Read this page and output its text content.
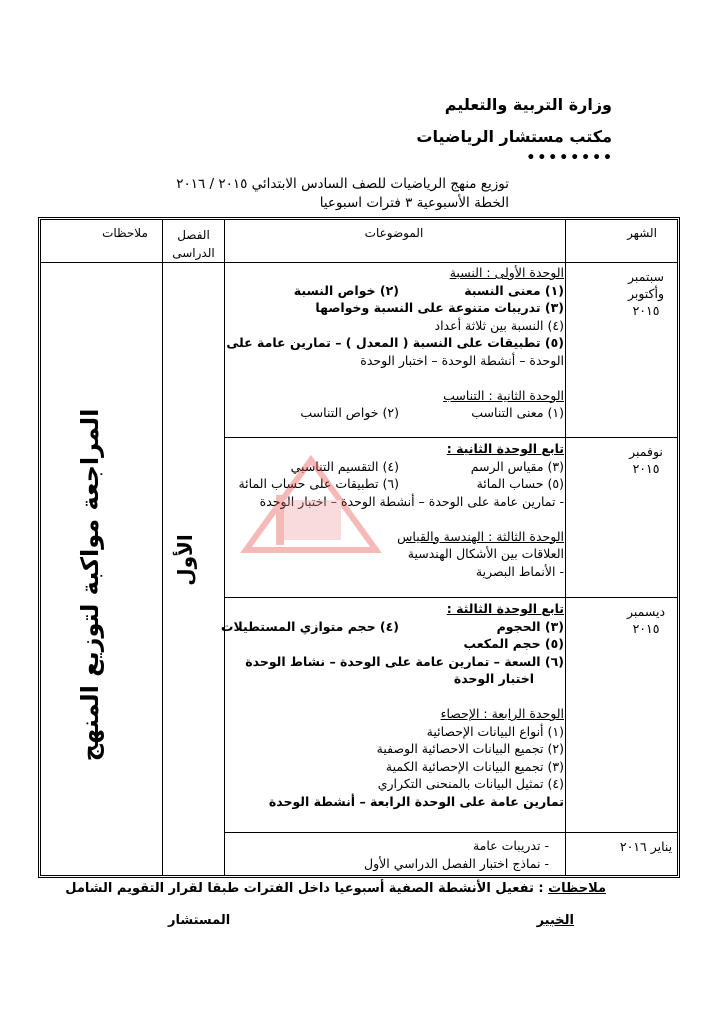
وزارة التربية والتعليم
مكتب مستشار الرياضيات
••••••••
توزيع منهج الرياضيات للصف السادس الابتدائي ٢٠١٥ / ٢٠١٦
الخطة الأسبوعية ٣ فترات اسبوعيا
الشهر
الموضوعات
الفصل الدراسى
ملاحظات
سبتمبر وأكتوبر ٢٠١٥
نوفمبر ٢٠١٥
ديسمبر ٢٠١٥
يناير ٢٠١٦
الوحدة الأولى : النسبة
(١) معنى النسبة(٢) خواص النسبة
(٣) تدريبات متنوعة على النسبة وخواصها
(٤) النسبة بين ثلاثة أعداد
(٥) تطبيقات على النسبة ( المعدل ) – تمارين عامة على
الوحدة – أنشطة الوحدة – اختبار الوحدة
الوحدة الثانية : التناسب
(١) معنى التناسب(٢) خواص التناسب
تابع الوحدة الثانية :
(٣) مقياس الرسم(٤) التقسيم التناسبي
(٥) حساب المائة(٦) تطبيقات على حساب المائة
- تمارين عامة على الوحدة – أنشطة الوحدة – اختبار الوحدة
الوحدة الثالثة : الهندسة والقياس
العلاقات بين الأشكال الهندسية
- الأنماط البصرية
تابع الوحدة الثالثة :
(٣) الحجوم(٤) حجم متوازي المستطيلات
(٥) حجم المكعب
(٦) السعة – تمارين عامة على الوحدة – نشاط الوحدة
اختبار الوحدة
الوحدة الرابعة : الإحصاء
(١) أنواع البيانات الإحصائية
(٢) تجميع البيانات الاحصائية الوصفية
(٣) تجميع البيانات الإحصائية الكمية
(٤) تمثيل البيانات بالمنحنى التكراري
تمارين عامة على الوحدة الرابعة – أنشطة الوحدة
- تدريبات عامة
- نماذج اختبار الفصل الدراسي الأول
الأول
المراجعة مواكبة لتوزيع المنهج
ملاحظات : تفعيل الأنشطة الصفية أسبوعيا داخل الفترات طبقا لقرار التقويم الشامل
الخبير
المستشار
